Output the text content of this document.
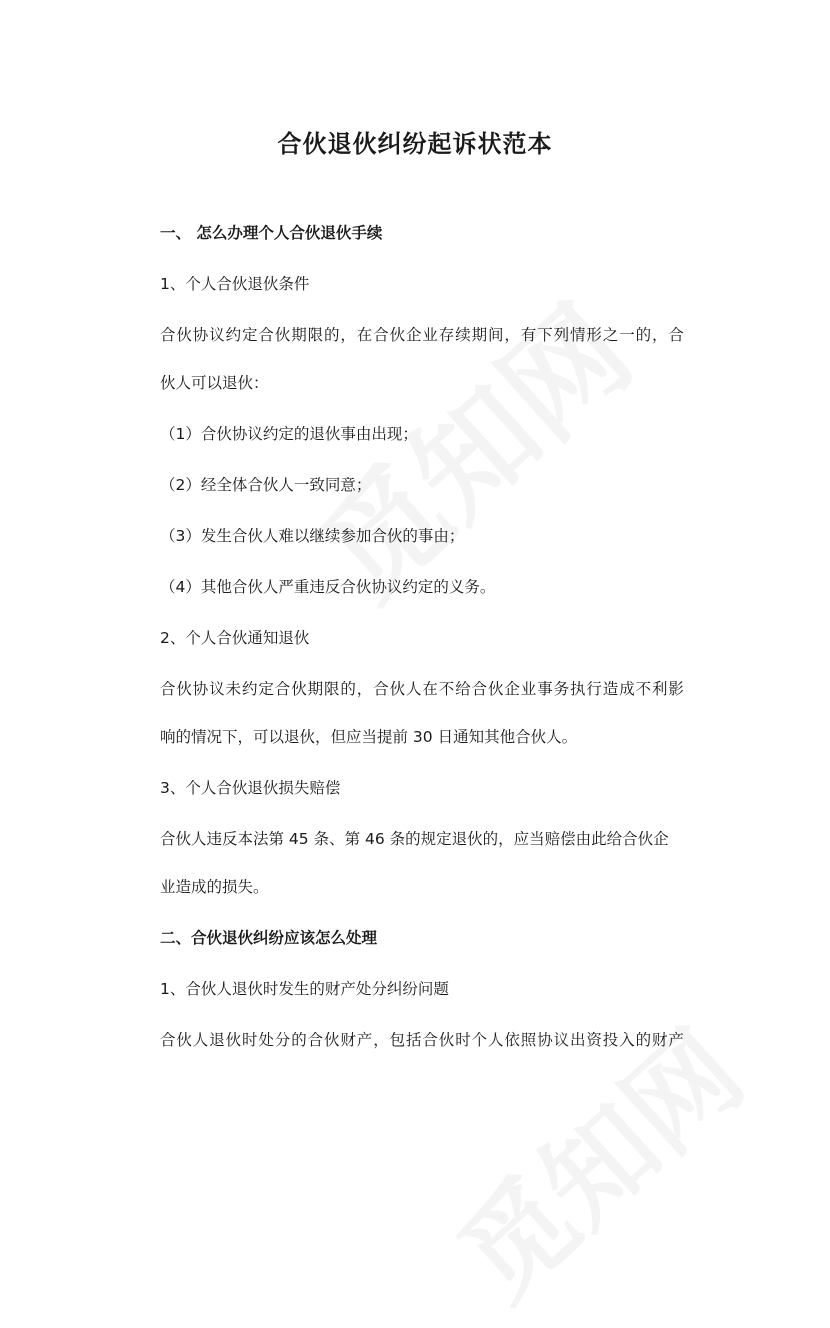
合伙退伙纠纷起诉状范本

一、 怎么办理个人合伙退伙手续

1、个人合伙退伙条件

合伙协议约定合伙期限的，在合伙企业存续期间，有下列情形之一的，合

伙人可以退伙：

（1）合伙协议约定的退伙事由出现；

（2）经全体合伙人一致同意；

（3）发生合伙人难以继续参加合伙的事由；

（4）其他合伙人严重违反合伙协议约定的义务。

2、个人合伙通知退伙

合伙协议未约定合伙期限的，合伙人在不给合伙企业事务执行造成不利影

响的情况下，可以退伙，但应当提前 30 日通知其他合伙人。

3、个人合伙退伙损失赔偿

合伙人违反本法第 45 条、第 46 条的规定退伙的，应当赔偿由此给合伙企

业造成的损失。

二、合伙退伙纠纷应该怎么处理

1、合伙人退伙时发生的财产处分纠纷问题

合伙人退伙时处分的合伙财产，包括合伙时个人依照协议出资投入的财产
